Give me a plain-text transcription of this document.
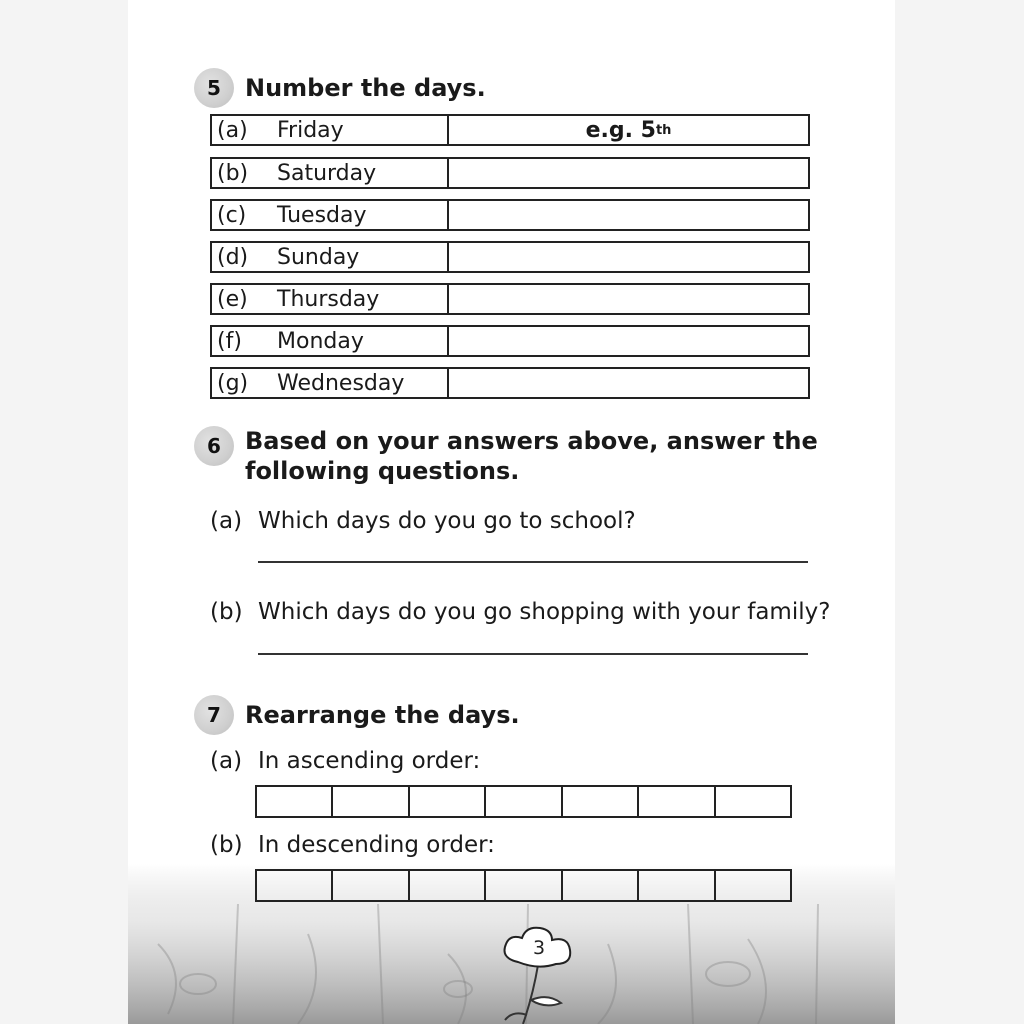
5	Number the days.
(a)	Friday	e.g. 5 th
(b)	Saturday
(c)	Tuesday
(d)	Sunday
(e)	Thursday
(f)	Monday
(g)	Wednesday
6	Based on your answers above, answer the
following questions.
(a) Which days do you go to school?
(b) Which days do you go shopping with your family?
7	Rearrange the days.
(a) In ascending order:
(b) In descending order:
3
